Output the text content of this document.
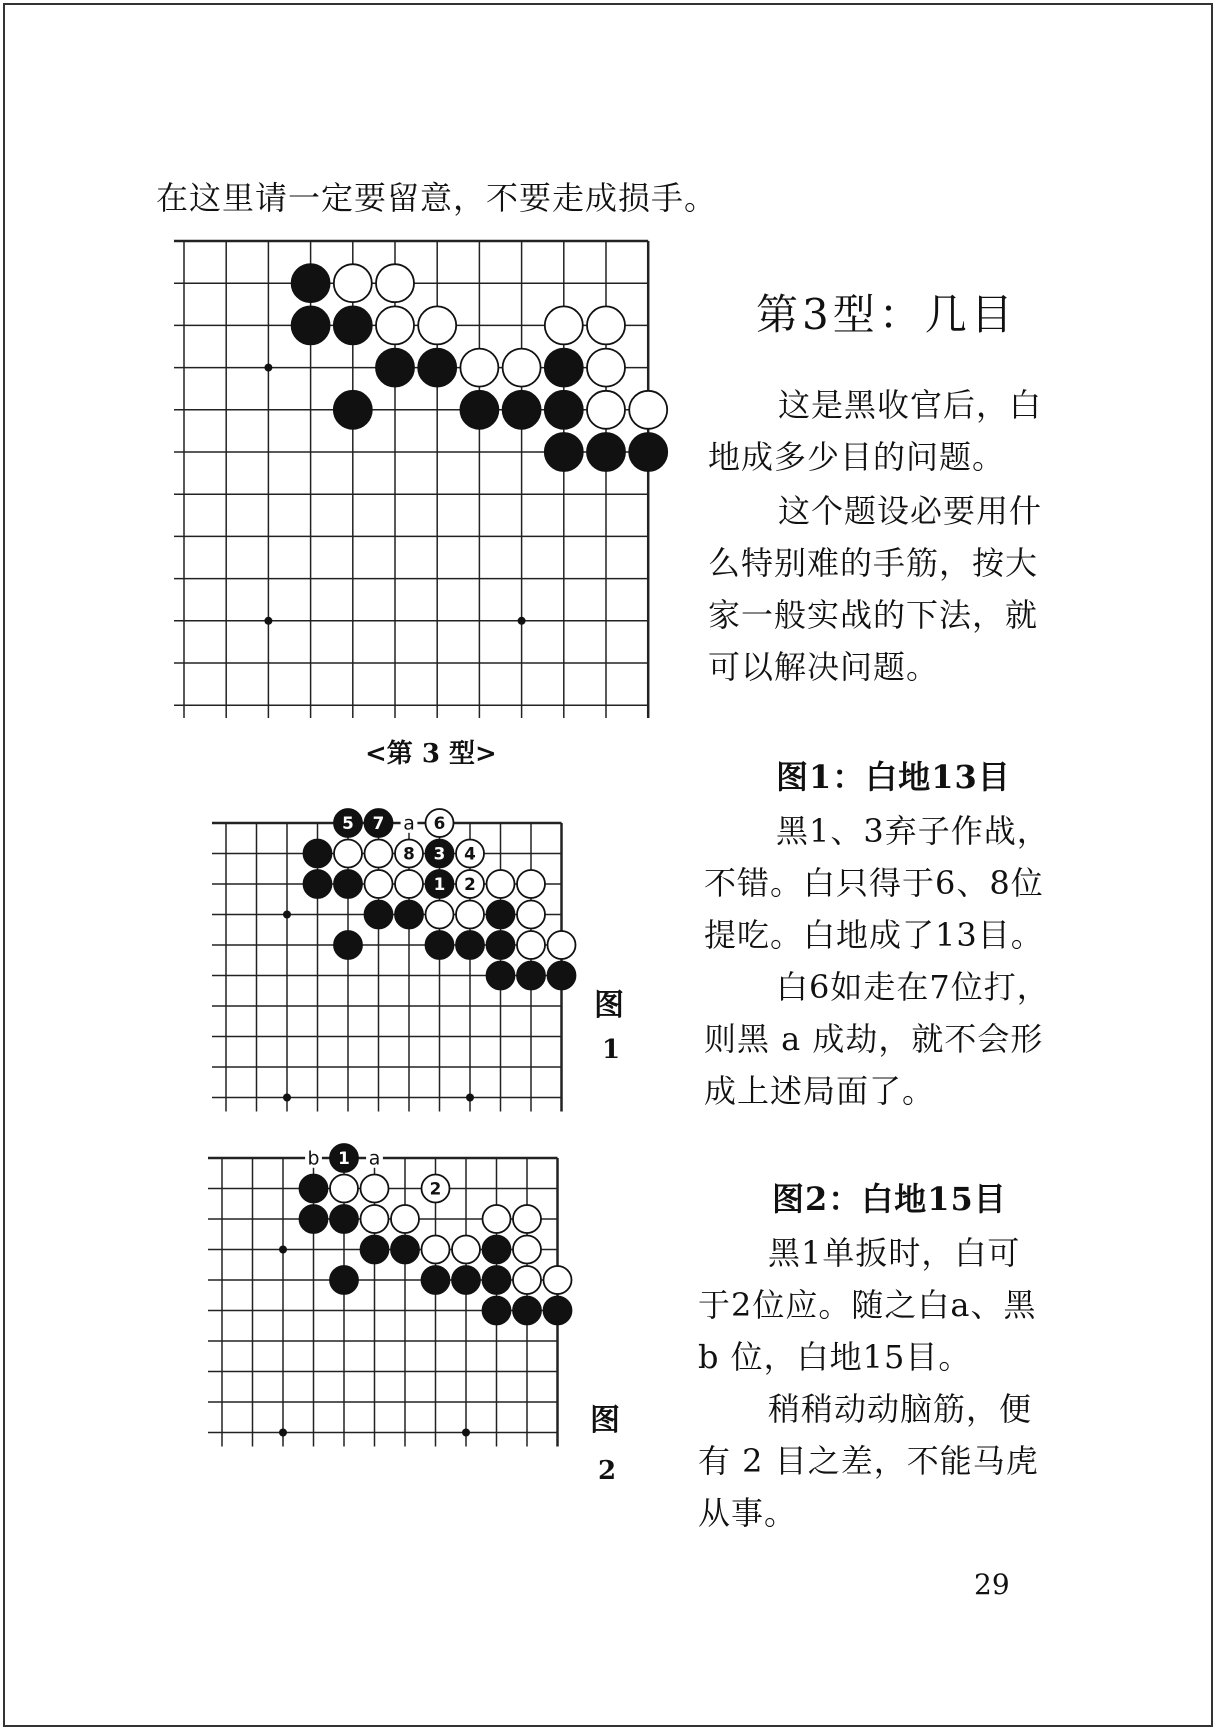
在这里请一定要留意，不要走成损手。
<第 3 型>
第3型：几目
这是黑收官后，白
地成多少目的问题。
这个题设必要用什
么特别难的手筋，按大
家一般实战的下法，就
可以解决问题。
a
5 7	6
8 3 4
1 2
图
1
图1：白地13目
黑1、3弃子作战，
不错。白只得于6、8位
提吃。白地成了13目。
白6如走在7位打，
则黑 a 成劫，就不会形
成上述局面了。
b	a
1
2
图
2
图2：白地15目
黑1单扳时，白可
于2位应。随之白a、黑
b 位，白地15目。
稍稍动动脑筋，便
有 2 目之差，不能马虎
从事。
29
